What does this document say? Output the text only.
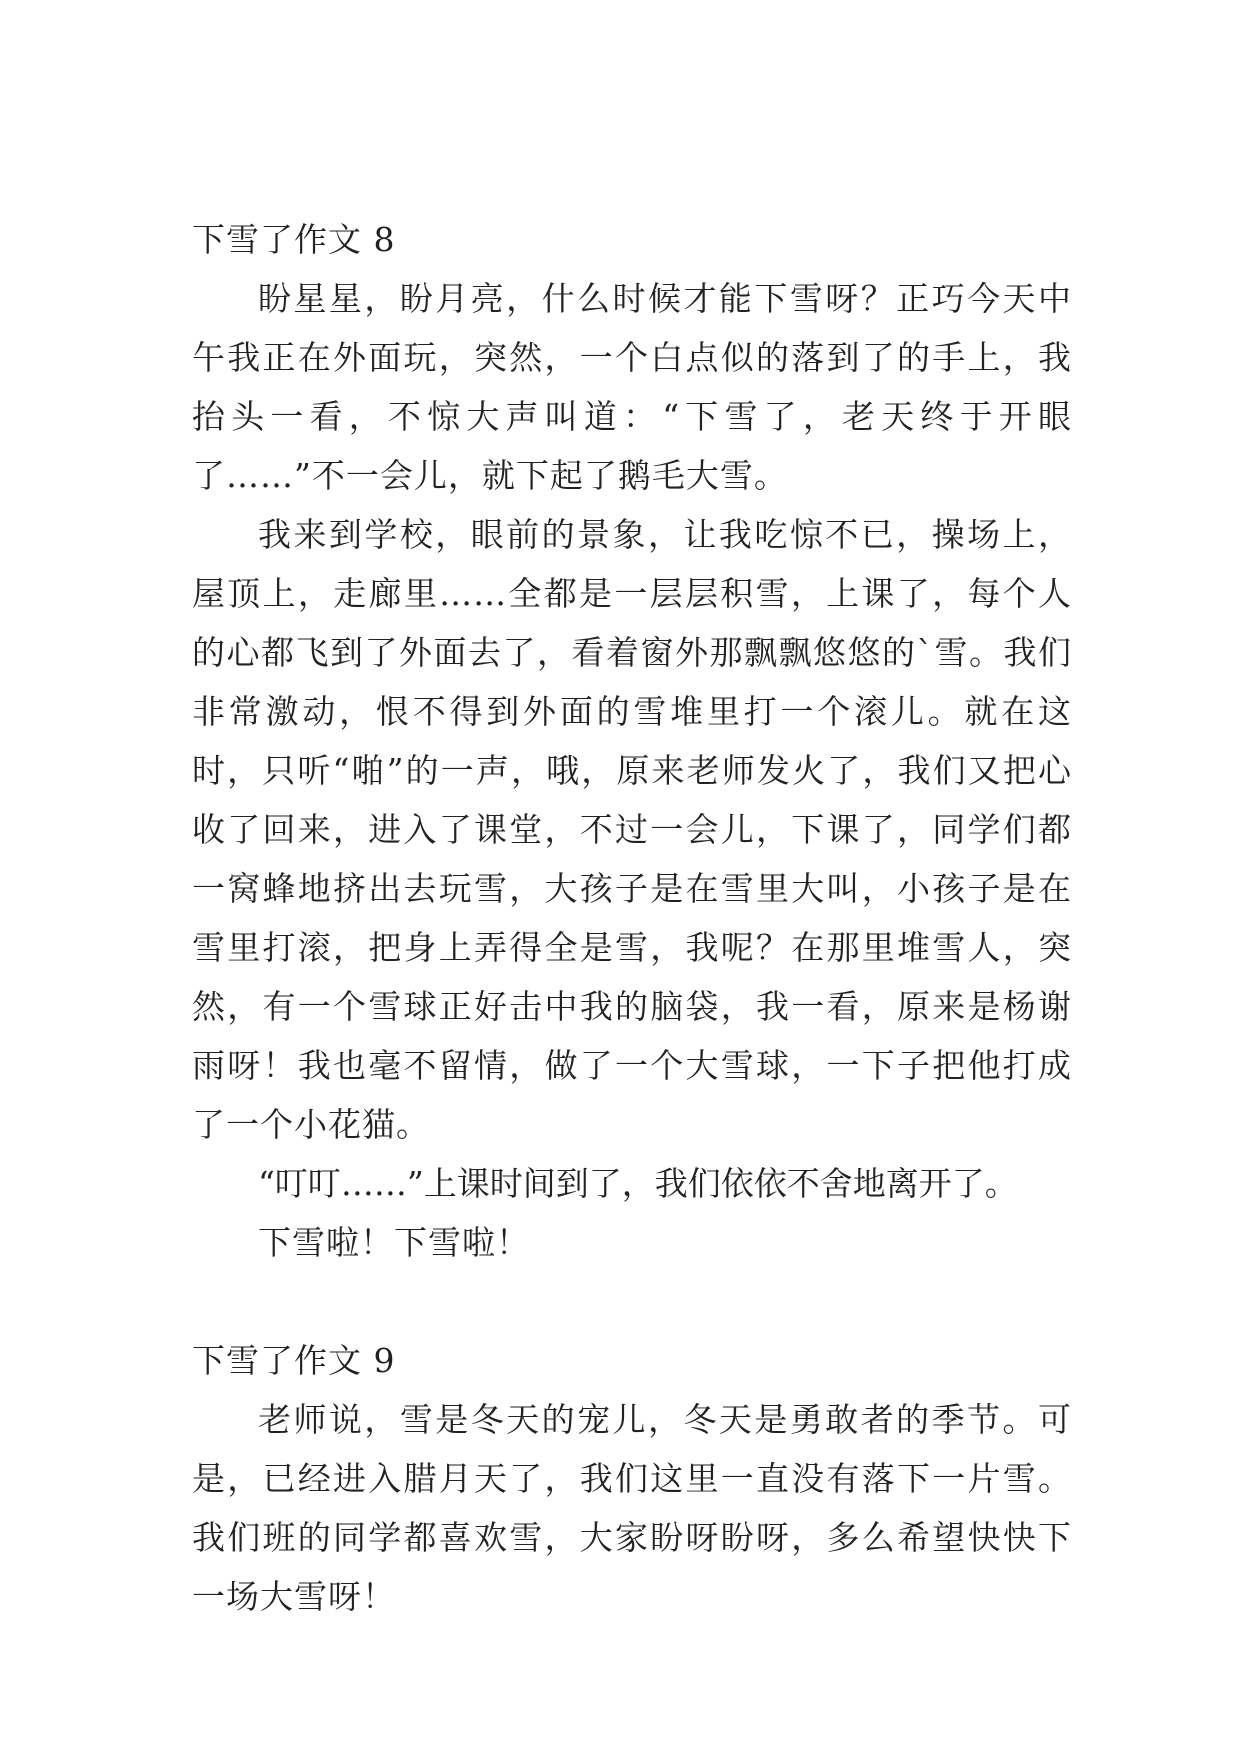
下雪了作文 8

盼星星，盼月亮，什么时候才能下雪呀？正巧今天中午我正在外面玩，突然，一个白点似的落到了的手上，我抬头一看，不惊大声叫道：“下雪了，老天终于开眼了……”不一会儿，就下起了鹅毛大雪。

我来到学校，眼前的景象，让我吃惊不已，操场上，屋顶上，走廊里……全都是一层层积雪，上课了，每个人的心都飞到了外面去了，看着窗外那飘飘悠悠的`雪。我们非常激动，恨不得到外面的雪堆里打一个滚儿。就在这时，只听“啪”的一声，哦，原来老师发火了，我们又把心收了回来，进入了课堂，不过一会儿，下课了，同学们都一窝蜂地挤出去玩雪，大孩子是在雪里大叫，小孩子是在雪里打滚，把身上弄得全是雪，我呢？在那里堆雪人，突然，有一个雪球正好击中我的脑袋，我一看，原来是杨谢雨呀！我也毫不留情，做了一个大雪球，一下子把他打成了一个小花猫。

“叮叮……”上课时间到了，我们依依不舍地离开了。

下雪啦！下雪啦！

下雪了作文 9

老师说，雪是冬天的宠儿，冬天是勇敢者的季节。可是，已经进入腊月天了，我们这里一直没有落下一片雪。我们班的同学都喜欢雪，大家盼呀盼呀，多么希望快快下一场大雪呀！
